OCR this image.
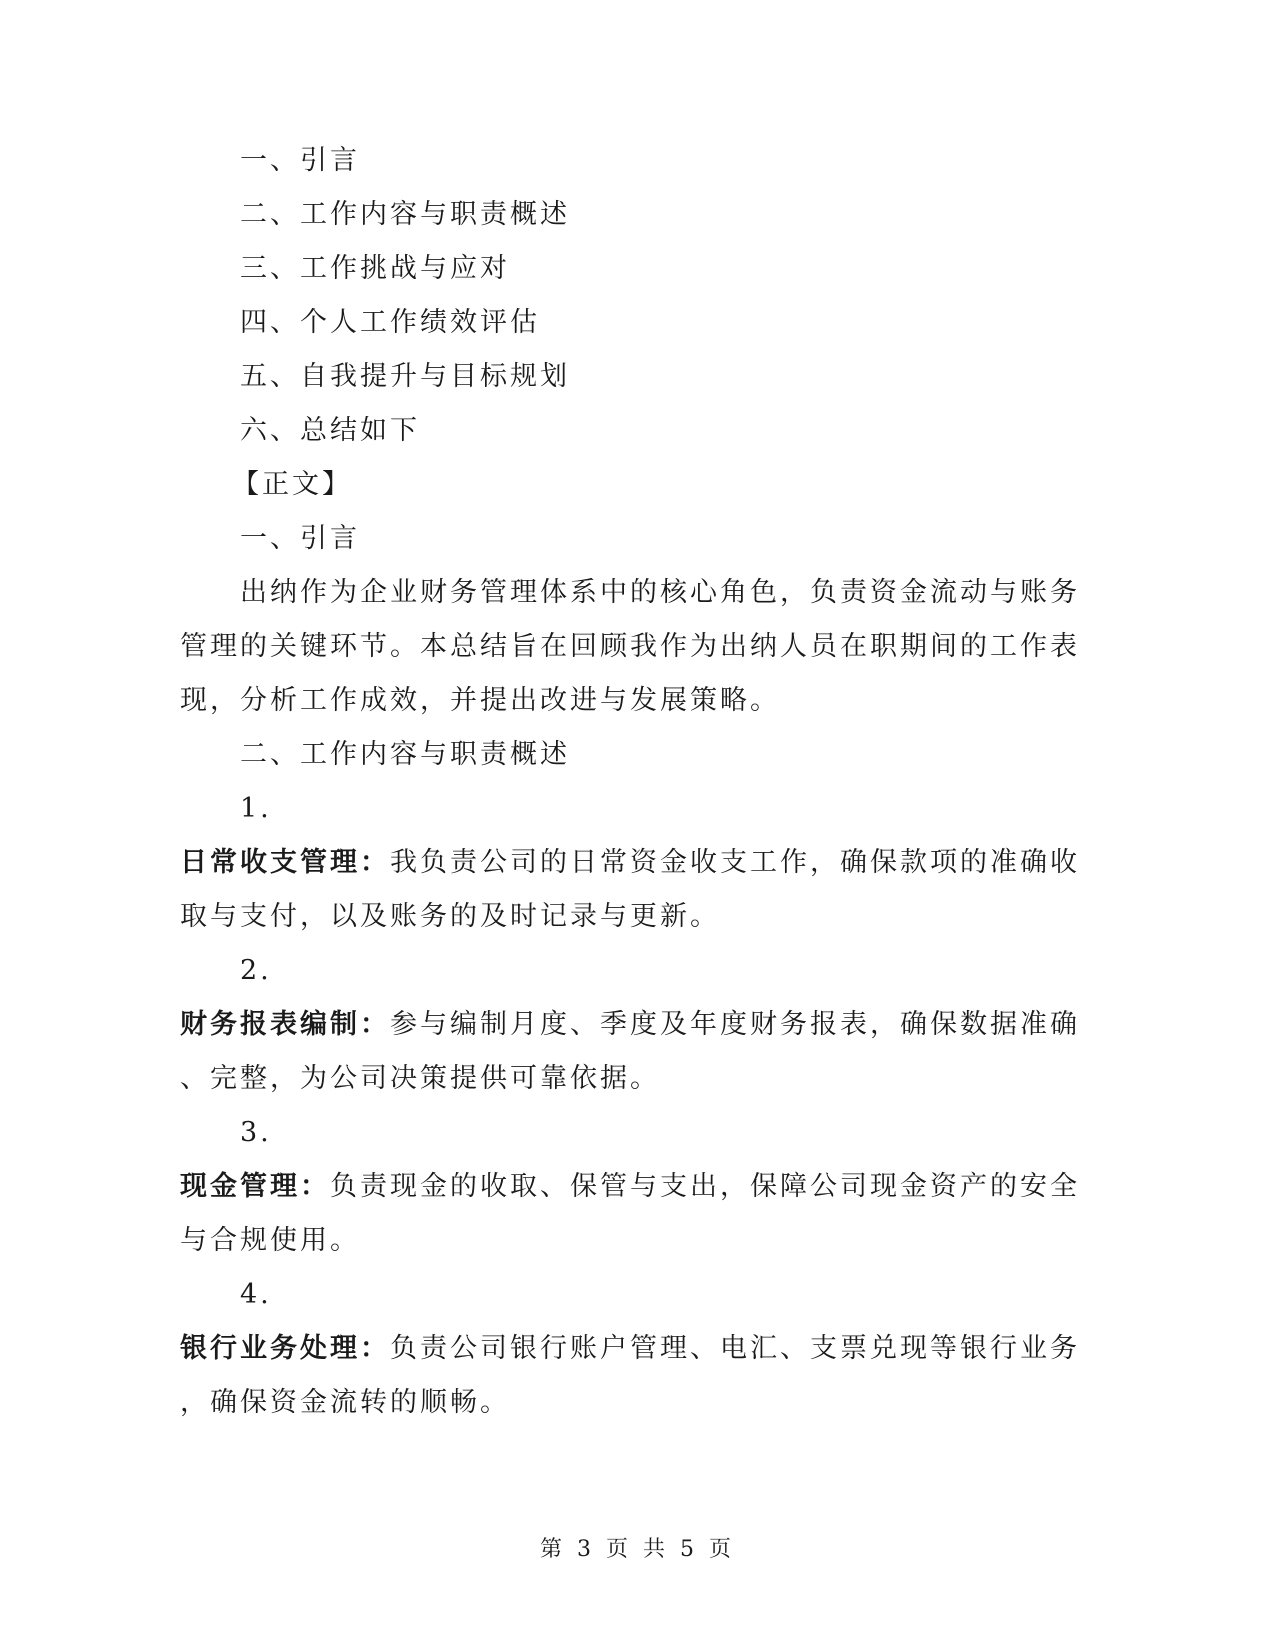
一、引言
二、工作内容与职责概述
三、工作挑战与应对
四、个人工作绩效评估
五、自我提升与目标规划
六、总结如下
【正文】
一、引言
出纳作为企业财务管理体系中的核心角色，负责资金流动与账务
管理的关键环节。本总结旨在回顾我作为出纳人员在职期间的工作表
现，分析工作成效，并提出改进与发展策略。
二、工作内容与职责概述
1.
日常收支管理：我负责公司的日常资金收支工作，确保款项的准确收
取与支付，以及账务的及时记录与更新。
2.
财务报表编制：参与编制月度、季度及年度财务报表，确保数据准确
、完整，为公司决策提供可靠依据。
3.
现金管理：负责现金的收取、保管与支出，保障公司现金资产的安全
与合规使用。
4.
银行业务处理：负责公司银行账户管理、电汇、支票兑现等银行业务
，确保资金流转的顺畅。
第 3 页 共 5 页
